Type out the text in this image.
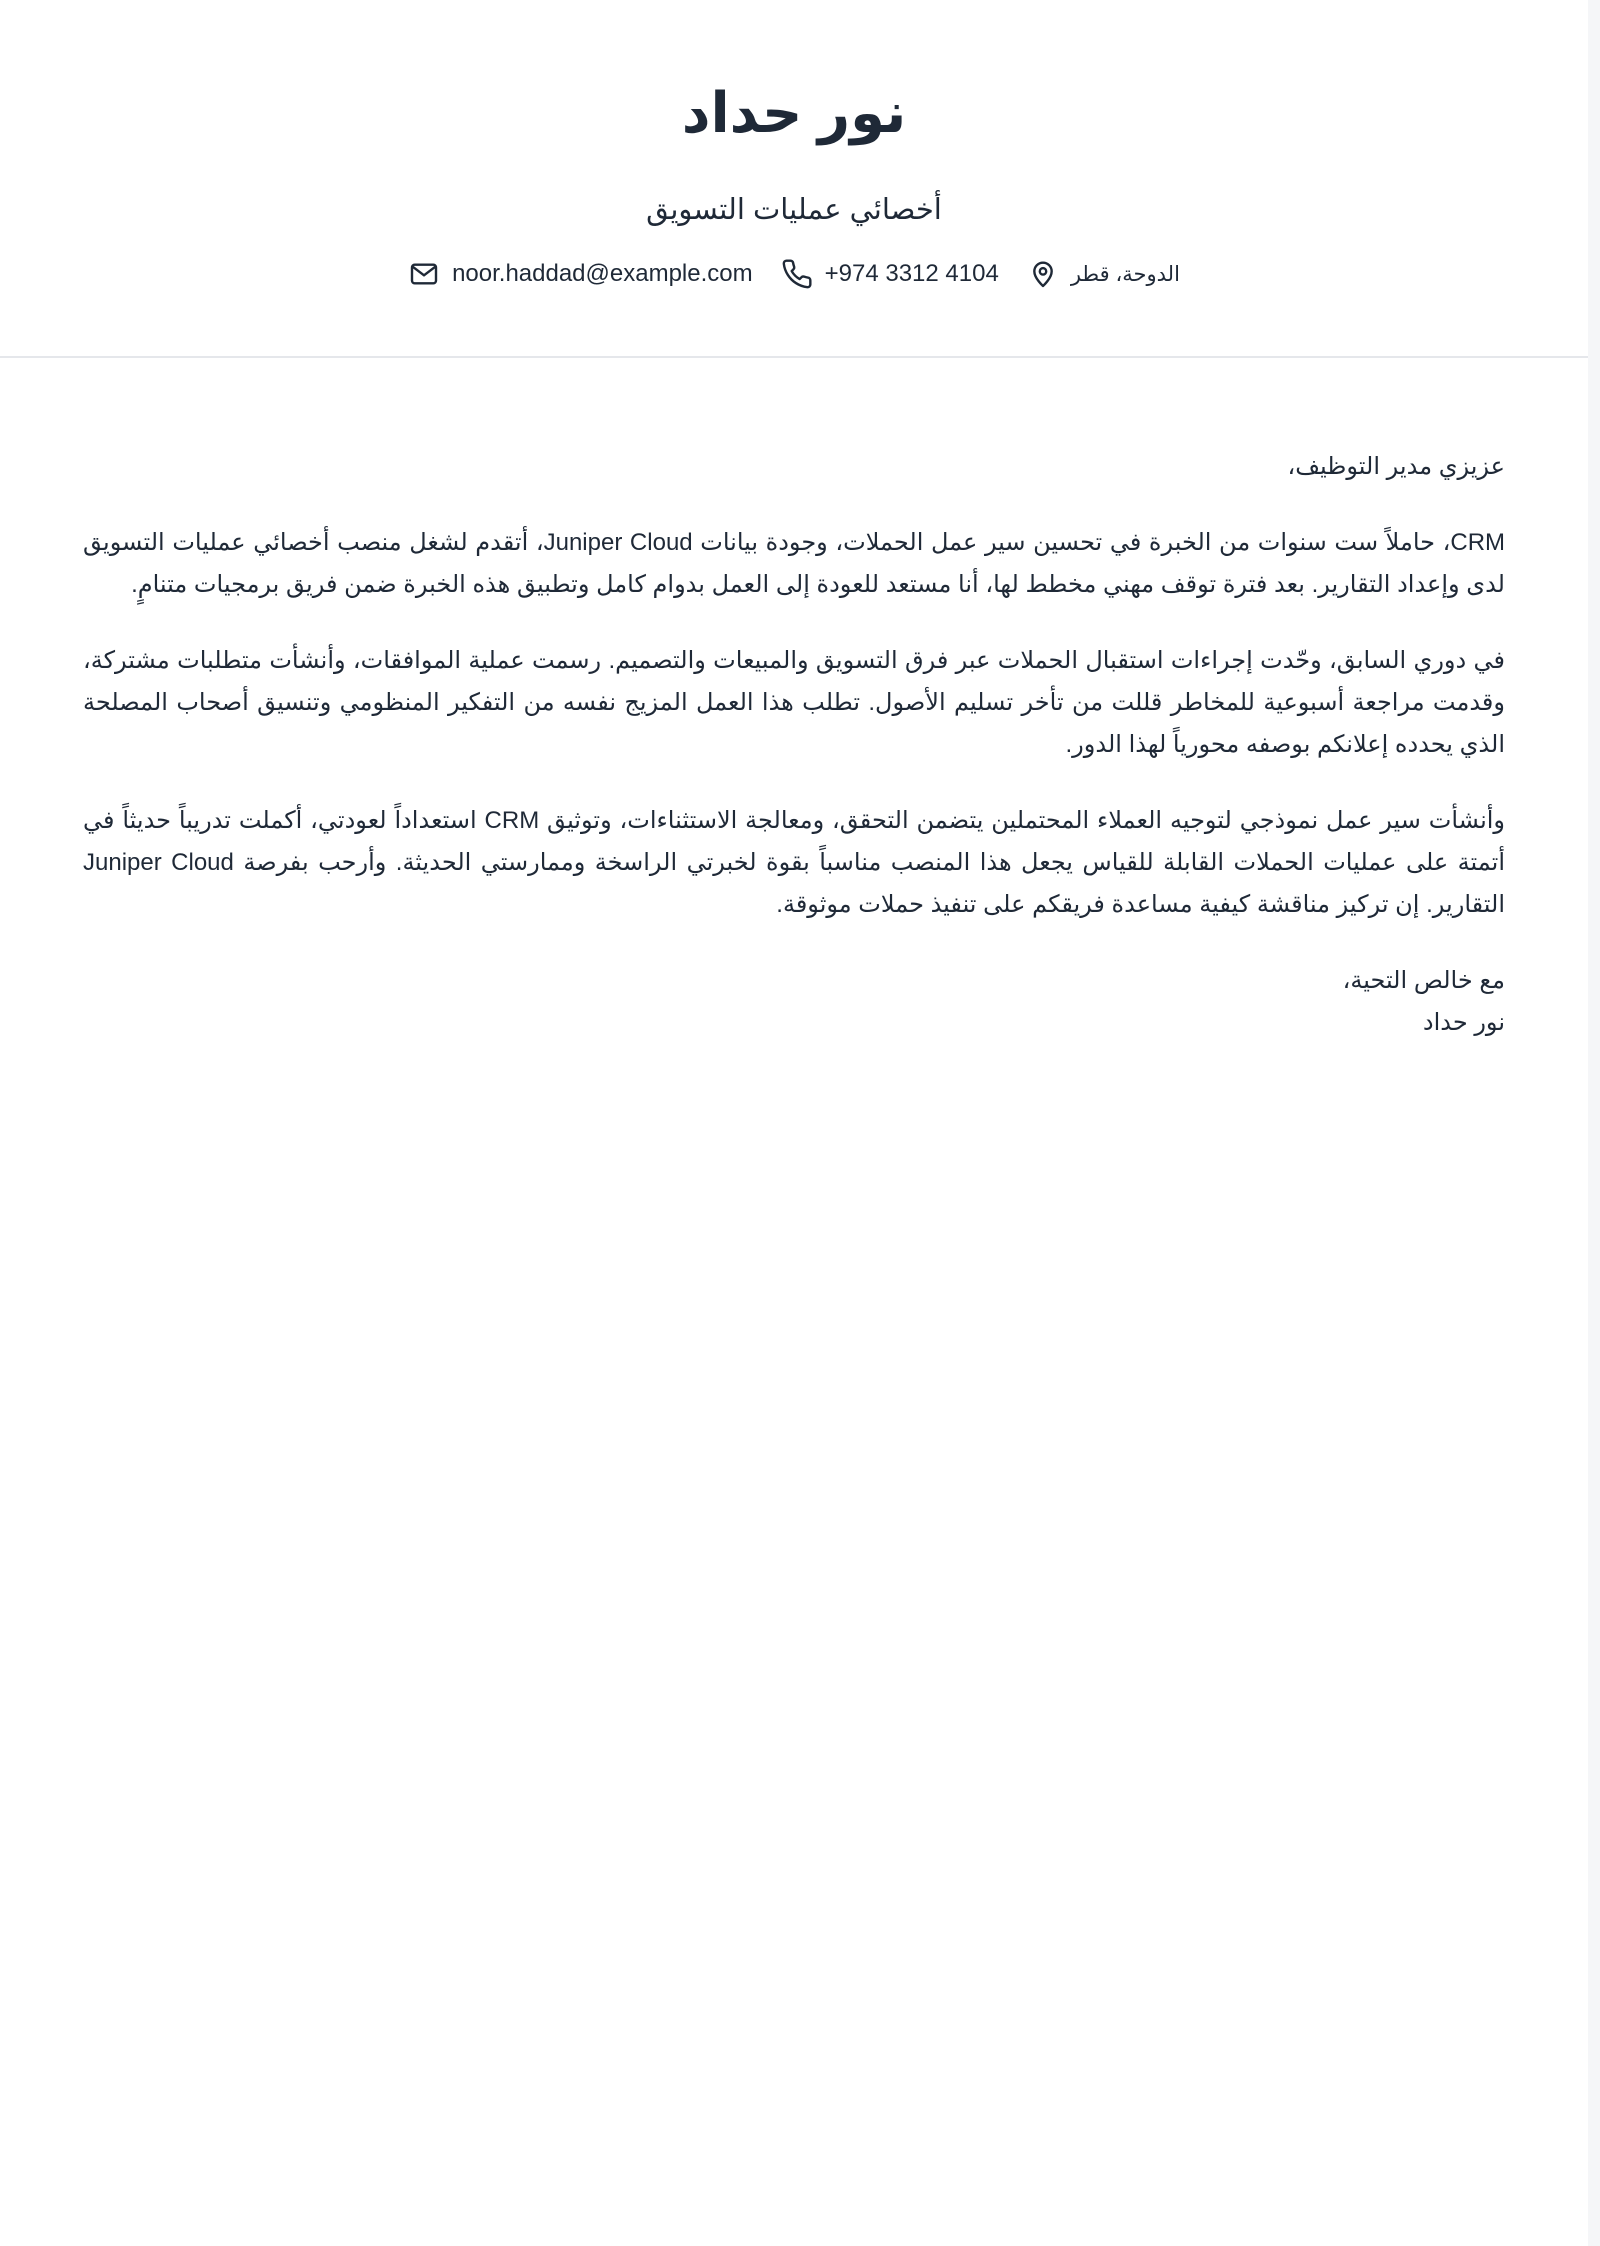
نور حداد
أخصائي عمليات التسويق
الدوحة، قطر
+974 3312 4104
noor.haddad@example.com

عزيزي مدير التوظيف،

CRM، حاملاً ست سنوات من الخبرة في تحسين سير عمل الحملات، وجودة بيانات Juniper Cloud، أتقدم لشغل منصب أخصائي عمليات التسويق لدى وإعداد التقارير. بعد فترة توقف مهني مخطط لها، أنا مستعد للعودة إلى العمل بدوام كامل وتطبيق هذه الخبرة ضمن فريق برمجيات متنامٍ.

في دوري السابق، وحّدت إجراءات استقبال الحملات عبر فرق التسويق والمبيعات والتصميم. رسمت عملية الموافقات، وأنشأت متطلبات مشتركة، وقدمت مراجعة أسبوعية للمخاطر قللت من تأخر تسليم الأصول. تطلب هذا العمل المزيج نفسه من التفكير المنظومي وتنسيق أصحاب المصلحة الذي يحدده إعلانكم بوصفه محورياً لهذا الدور.

وأنشأت سير عمل نموذجي لتوجيه العملاء المحتملين يتضمن التحقق، ومعالجة الاستثناءات، وتوثيق CRM استعداداً لعودتي، أكملت تدريباً حديثاً في أتمتة على عمليات الحملات القابلة للقياس يجعل هذا المنصب مناسباً بقوة لخبرتي الراسخة وممارستي الحديثة. وأرحب بفرصة Juniper Cloud التقارير. إن تركيز مناقشة كيفية مساعدة فريقكم على تنفيذ حملات موثوقة.

مع خالص التحية،
نور حداد
